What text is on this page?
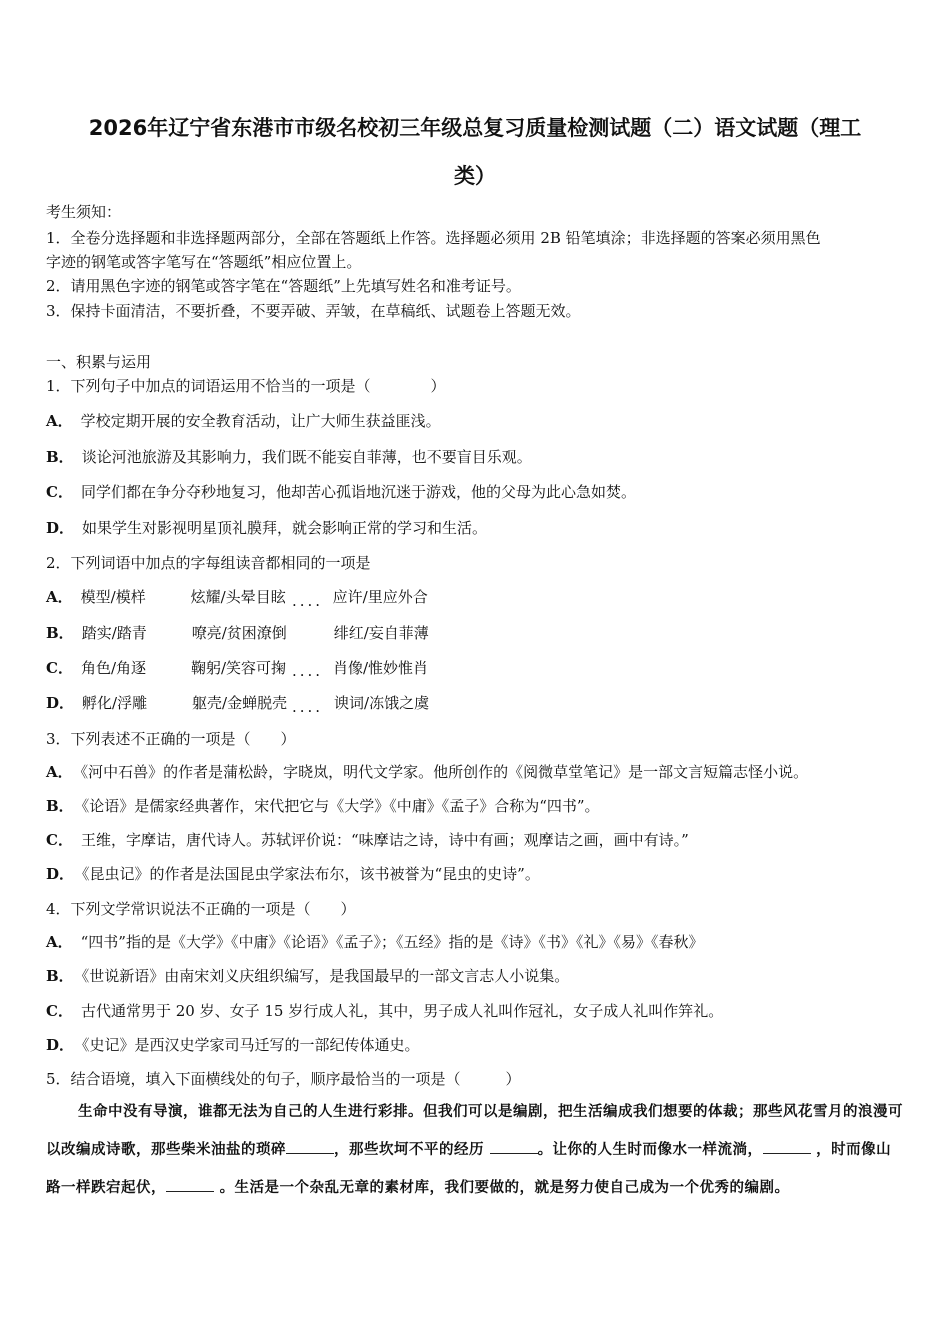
2026年辽宁省东港市市级名校初三年级总复习质量检测试题（二）语文试题（理工
类）
考生须知：
1．全卷分选择题和非选择题两部分，全部在答题纸上作答。选择题必须用 2B 铅笔填涂；非选择题的答案必须用黑色
字迹的钢笔或答字笔写在“答题纸”相应位置上。
2．请用黑色字迹的钢笔或答字笔在“答题纸”上先填写姓名和准考证号。
3．保持卡面清洁，不要折叠，不要弄破、弄皱，在草稿纸、试题卷上答题无效。
一、积累与运用
1．下列句子中加点的词语运用不恰当的一项是（　　　　）
A． 学校定期开展的安全教育活动，让广大师生获益匪浅。
B． 谈论河池旅游及其影响力，我们既不能妄自菲薄，也不要盲目乐观。
C． 同学们都在争分夺秒地复习，他却苦心孤诣地沉迷于游戏，他的父母为此心急如焚。
D． 如果学生对影视明星顶礼膜拜，就会影响正常的学习和生活。
2．下列词语中加点的字每组读音都相同的一项是
A． 模型/模样	炫耀/头晕目眩	应许/里应外合
B． 踏实/踏青	嘹亮/贫困潦倒	绯红/妄自菲薄
C． 角色/角逐	鞠躬/笑容可掬	肖像/惟妙惟肖
D． 孵化/浮雕	躯壳/金蝉脱壳	谀词/冻饿之虞
....
....
....
3．下列表述不正确的一项是（　　）
A． 《河中石兽》的作者是蒲松龄，字晓岚，明代文学家。他所创作的《阅微草堂笔记》是一部文言短篇志怪小说。
B． 《论语》是儒家经典著作，宋代把它与《大学》《中庸》《孟子》合称为“四书”。
C． 王维，字摩诘，唐代诗人。苏轼评价说：“味摩诘之诗，诗中有画；观摩诘之画，画中有诗。”
D． 《昆虫记》的作者是法国昆虫学家法布尔，该书被誉为“昆虫的史诗”。
4．下列文学常识说法不正确的一项是（　　）
A． “四书”指的是《大学》《中庸》《论语》《孟子》；《五经》指的是《诗》《书》《礼》《易》《春秋》
B． 《世说新语》由南宋刘义庆组织编写，是我国最早的一部文言志人小说集。
C． 古代通常男于 20 岁、女子 15 岁行成人礼，其中，男子成人礼叫作冠礼，女子成人礼叫作笄礼。
D． 《史记》是西汉史学家司马迁写的一部纪传体通史。
5．结合语境，填入下面横线处的句子，顺序最恰当的一项是（　　　）
生命中没有导演，谁都无法为自己的人生进行彩排。但我们可以是编剧，把生活编成我们想要的体裁；那些风花雪月的浪漫可以改编成诗歌，那些柴米油盐的琐碎	，那些坎坷不平的经历	。让你的人生时而像水一样流淌，	，时而像山路一样跌宕起伏，	。生活是一个杂乱无章的素材库，我们要做的，就是努力使自己成为一个优秀的编剧。
